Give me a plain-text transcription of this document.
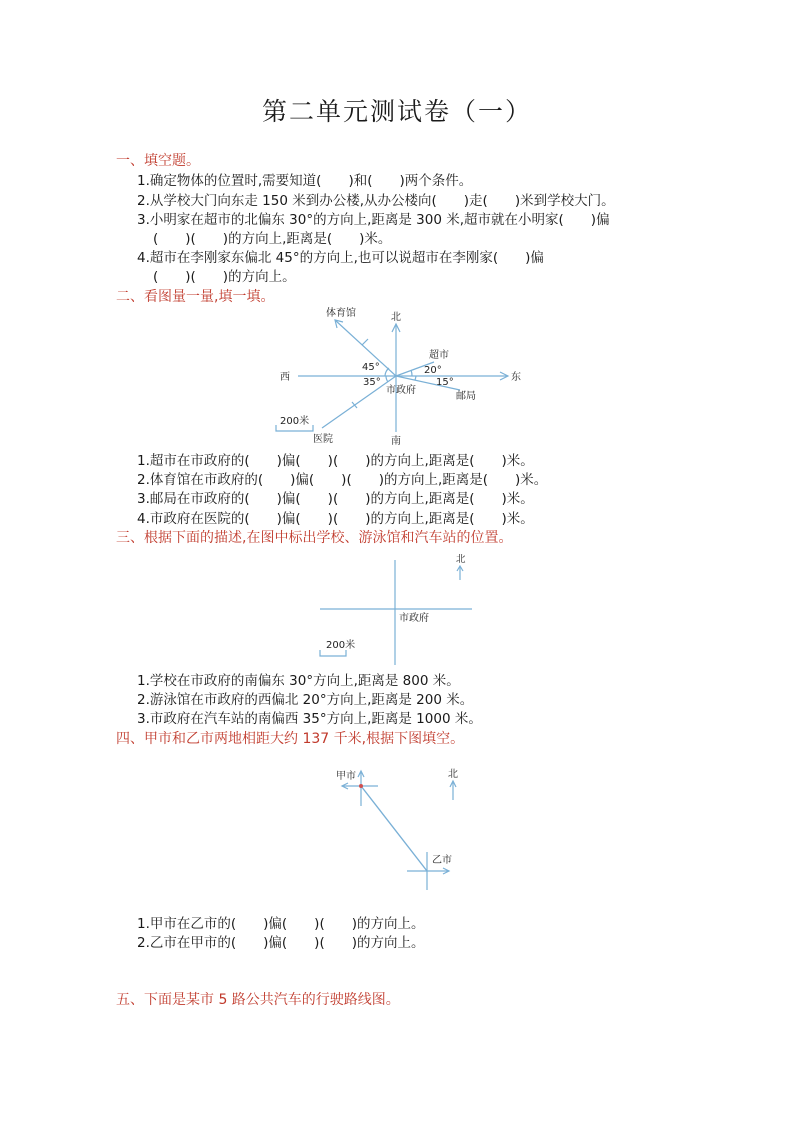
第二单元测试卷（一）
一、填空题。
1.确定物体的位置时,需要知道(　　)和(　　)两个条件。
2.从学校大门向东走 150 米到办公楼,从办公楼向(　　)走(　　)米到学校大门。
3.小明家在超市的北偏东 30°的方向上,距离是 300 米,超市就在小明家(　　)偏
(　　)(　　)的方向上,距离是(　　)米。
4.超市在李刚家东偏北 45°的方向上,也可以说超市在李刚家(　　)偏
(　　)(　　)的方向上。
二、看图量一量,填一填。
体育馆	北
超市
西	东
45°
35°
20°
15°
市政府
邮局
200米
医院	南
1.超市在市政府的(　　)偏(　　)(　　)的方向上,距离是(　　)米。
2.体育馆在市政府的(　　)偏(　　)(　　)的方向上,距离是(　　)米。
3.邮局在市政府的(　　)偏(　　)(　　)的方向上,距离是(　　)米。
4.市政府在医院的(　　)偏(　　)(　　)的方向上,距离是(　　)米。
三、根据下面的描述,在图中标出学校、游泳馆和汽车站的位置。
北
市政府
200米
1.学校在市政府的南偏东 30°方向上,距离是 800 米。
2.游泳馆在市政府的西偏北 20°方向上,距离是 200 米。
3.市政府在汽车站的南偏西 35°方向上,距离是 1000 米。
四、甲市和乙市两地相距大约 137 千米,根据下图填空。
甲市	北
乙市
1.甲市在乙市的(　　)偏(　　)(　　)的方向上。
2.乙市在甲市的(　　)偏(　　)(　　)的方向上。
五、下面是某市 5 路公共汽车的行驶路线图。
